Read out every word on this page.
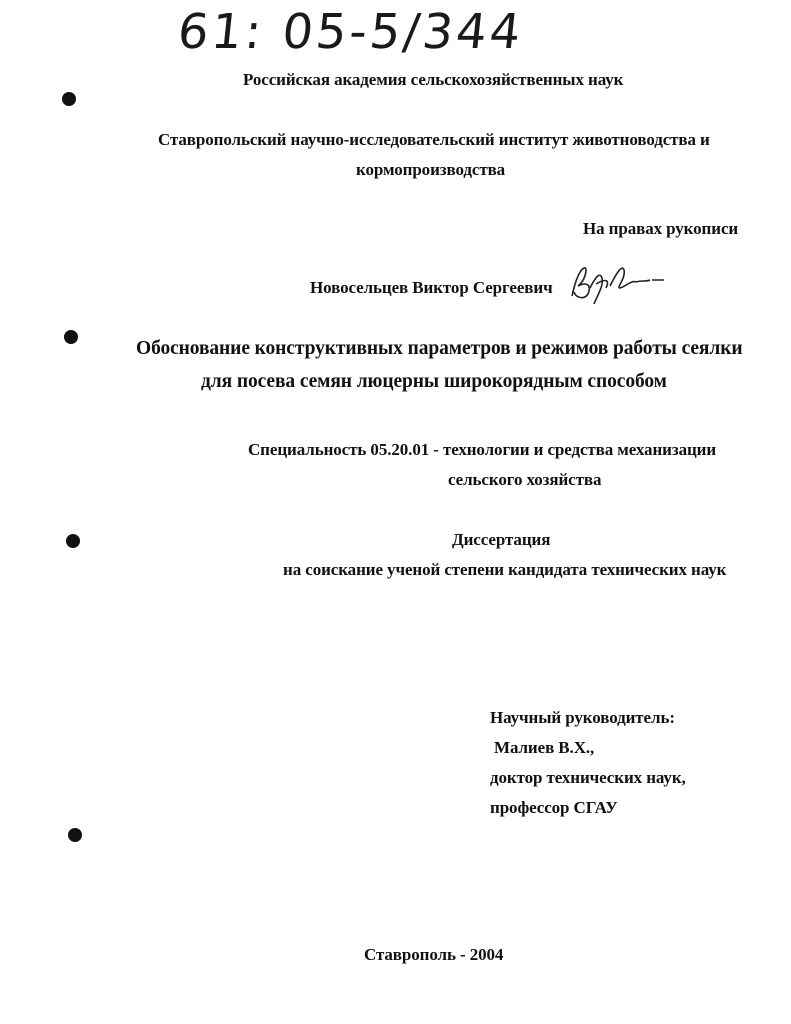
61: 05-5/344
Российская академия сельскохозяйственных наук
Ставропольский научно-исследовательский институт животноводства и
кормопроизводства
На правах рукописи
Новосельцев Виктор Сергеевич
Обоснование конструктивных параметров и режимов работы сеялки
для посева семян люцерны широкорядным способом
Специальность 05.20.01 - технологии и средства механизации
сельского хозяйства
Диссертация
на соискание ученой степени кандидата технических наук
Научный руководитель:
Малиев В.Х.,
доктор технических наук,
профессор СГАУ
Ставрополь - 2004
